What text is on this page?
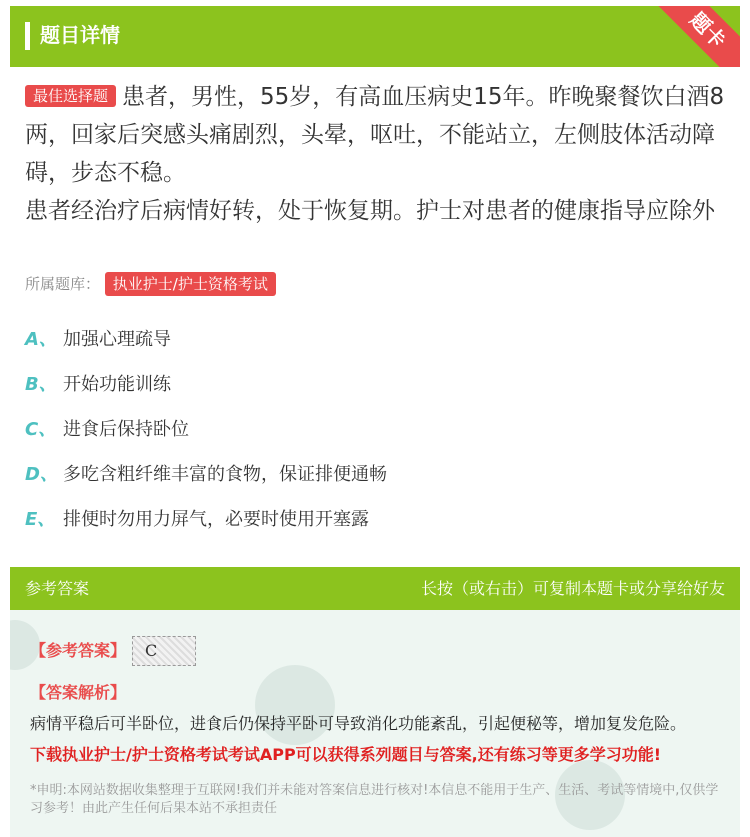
题目详情	题卡
最佳选择题 患者，男性，55岁，有高血压病史15年。昨晚聚餐饮白酒8两，回家后突感头痛剧烈，头晕，呕吐，不能站立，左侧肢体活动障碍，步态不稳。
患者经治疗后病情好转，处于恢复期。护士对患者的健康指导应除外
所属题库： 执业护士/护士资格考试
A、 加强心理疏导
B、 开始功能训练
C、 进食后保持卧位
D、 多吃含粗纤维丰富的食物，保证排便通畅
E、 排便时勿用力屏气，必要时使用开塞露
参考答案	长按（或右击）可复制本题卡或分享给好友
【参考答案】	C
【答案解析】
病情平稳后可半卧位，进食后仍保持平卧可导致消化功能紊乱，引起便秘等，增加复发危险。
下载执业护士/护士资格考试考试APP可以获得系列题目与答案,还有练习等更多学习功能!
*申明:本网站数据收集整理于互联网!我们并未能对答案信息进行核对!本信息不能用于生产、生活、考试等情境中,仅供学习参考！由此产生任何后果本站不承担责任
